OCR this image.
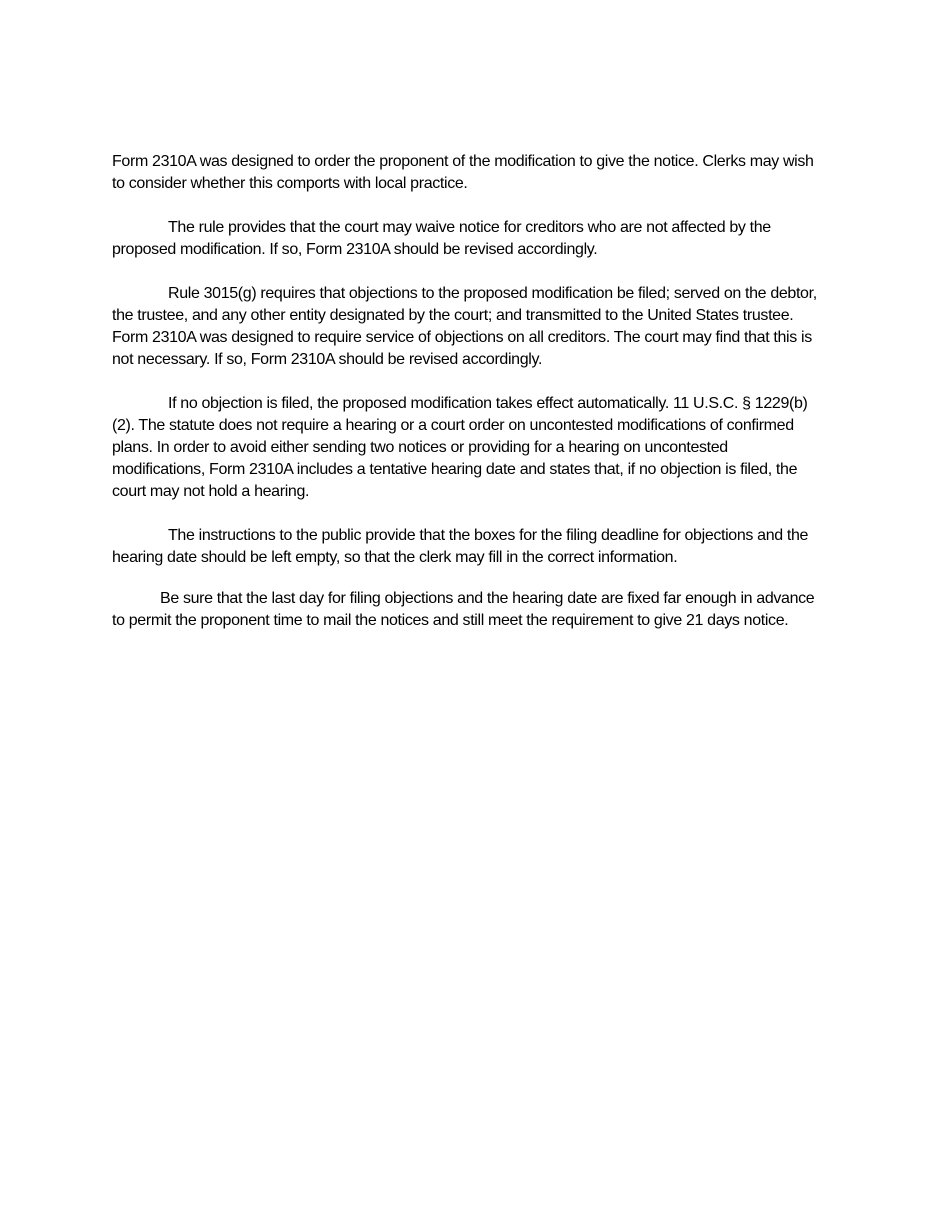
Form 2310A was designed to order the proponent of the modification to give the notice. Clerks may wish to consider whether this comports with local practice.

The rule provides that the court may waive notice for creditors who are not affected by the proposed modification. If so, Form 2310A should be revised accordingly.

Rule 3015(g) requires that objections to the proposed modification be filed; served on the debtor, the trustee, and any other entity designated by the court; and transmitted to the United States trustee. Form 2310A was designed to require service of objections on all creditors. The court may find that this is not necessary. If so, Form 2310A should be revised accordingly.

If no objection is filed, the proposed modification takes effect automatically. 11 U.S.C. § 1229(b)(2). The statute does not require a hearing or a court order on uncontested modifications of confirmed plans. In order to avoid either sending two notices or providing for a hearing on uncontested modifications, Form 2310A includes a tentative hearing date and states that, if no objection is filed, the court may not hold a hearing.

The instructions to the public provide that the boxes for the filing deadline for objections and the hearing date should be left empty, so that the clerk may fill in the correct information.

Be sure that the last day for filing objections and the hearing date are fixed far enough in advance to permit the proponent time to mail the notices and still meet the requirement to give 21 days notice.
